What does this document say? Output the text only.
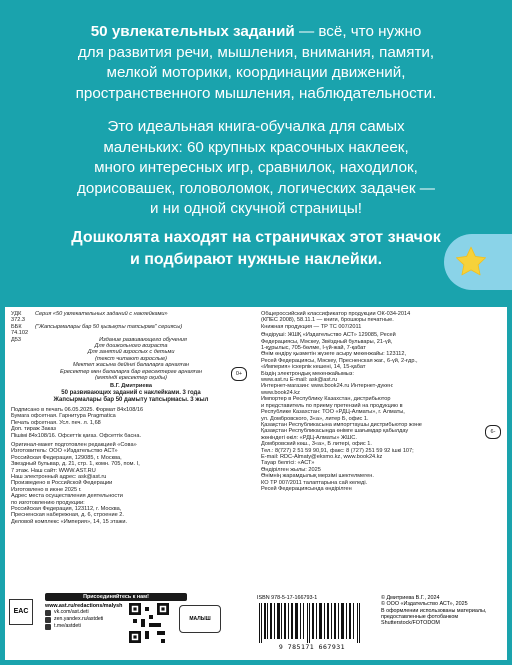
50 увлекательных заданий — всё, что нужно
для развития речи, мышления, внимания, памяти,
мелкой моторики, координации движений,
пространственного мышления, наблюдательности.

Это идеальная книга-обучалка для самых
маленьких: 60 крупных красочных наклеек,
много интересных игр, сравнилок, находилок,
дорисовашек, головоломок, логических задачек —
и ни одной скучной страницы!

Дошколята находят на страничках этот значок
и подбирают нужные наклейки.

УДК 372.3
Серия «50 увлекательных заданий с наклейками»
ББК 74.102
("Жапсырмалары бар 50 қызықты тапсырма" сериясы)
Д53	Издание развивающего обучения
Для дошкольного возраста
Для занятий взрослых с детьми
(текст читают взрослые)
Мектеп жасына дейінгі балаларға арналған
Ересектер мен балаларға бар ересектерге арналған
(мәтінді ересектер оқиды)
В.Г. Дмитриева
50 развивающих заданий с наклейками. 3 года
Жапсырмалары бар 50 дамыту тапсырмасы. 3 жыл
Подписано в печать 06.05.2025. Формат 84х108/16
Бумага офсетная. Гарнитура Pragmatica
Печать офсетная. Усл. печ. л. 1,68
Доп. тираж Заказ
Пішімі 84х108/16. Офсеттік қағаз. Офсеттік басна.
Оригинал-макет подготовлен редакцией «Сова»
Изготовитель: ООО «Издательство АСТ»
Российская Федерация, 129085, г. Москва,
Звездный бульвар, д. 21, стр. 1, комн. 705, пом. I,
7 этаж. Наш сайт: WWW.AST.RU
Наш электронный адрес: ask@ast.ru
Произведено в Российской Федерации
Изготовлено в июне 2025 г.
Адрес места осуществления деятельности
по изготовлению продукции:
Российская Федерация, 123112, г. Москва,
Пресненская набережная, д. 6, строение 2.
Деловой комплекс «Империя», 14, 15 этажи.
0+
Общероссийский классификатор продукции ОК-034-2014
(КПЕС 2008), 58.11.1 — книги, брошюры печатные.
Книжная продукция — ТР ТС 007/2011
Өндіруші: ЖШҚ «Издательство АСТ» 129085, Ресей
Федерациясы, Мәскеу, Звёздный бульвары, 21-үй,
1-құрылыс, 705-бөлме, І-үй-жай, 7-қабат
Өнім өндіру қызметін жүзеге асыру мекенжайы: 123112,
Ресей Федерациясы, Мәскеу, Пресненская жаг., 6-үй, 2-ғдр.,
«Империя» іскерлік кешені, 14, 15-қабат
Біздің электрондық мекенжайымыз:
www.ast.ru E-mail: ask@ast.ru
Интернет-магазин: www.book24.ru Интернет-дүкен:
www.book24.kz
Импортер в Республику Казахстан, дистрибьютор
и представитель по приему претензий на продукцию в
Республике Казахстан: ТОО «РДЦ-Алматы», г. Алматы,
ул. Домбровского, 3«а», литер Б, офис 1.
Қазақстан Республикасына импорттаушы дистрибьютор және
Қазақстан Республикасында өнімге шағымдар қабылдау
жөніндегі өкіл: «РДЦ-Алматы» ЖШС.
Домбровский көш., 3«а», Б литері, офис 1.
Тел.: 8(727) 2 51 59 90,91, факс: 8 (727) 251 59 92 ішкі 107;
E-mail: RDC-Almaty@eksmo.kz, www.book24.kz
Тауар белгісі: «АСТ»
Өндірілген жылы: 2025
Өнімнің жарамдылық мерзімі шектелмеген.
КО ТР 007/2011 талаптарына сай келеді.
Ресей Федерациясында өндірілген
6-
EAC
Присоединяйтесь к нам!
www.ast.ru/redactions/malysh
vk.com/ast.deti
zen.yandex.ru/astdeti
t.me/astdeti
МАЛЫШ
ISBN 978-5-17-166793-1
9 785171 667931
© Дмитриева В.Г., 2024
© ООО «Издательство АСТ», 2025
В оформлении использованы материалы,
предоставленные фотобанком
Shutterstock/FOTODOM
